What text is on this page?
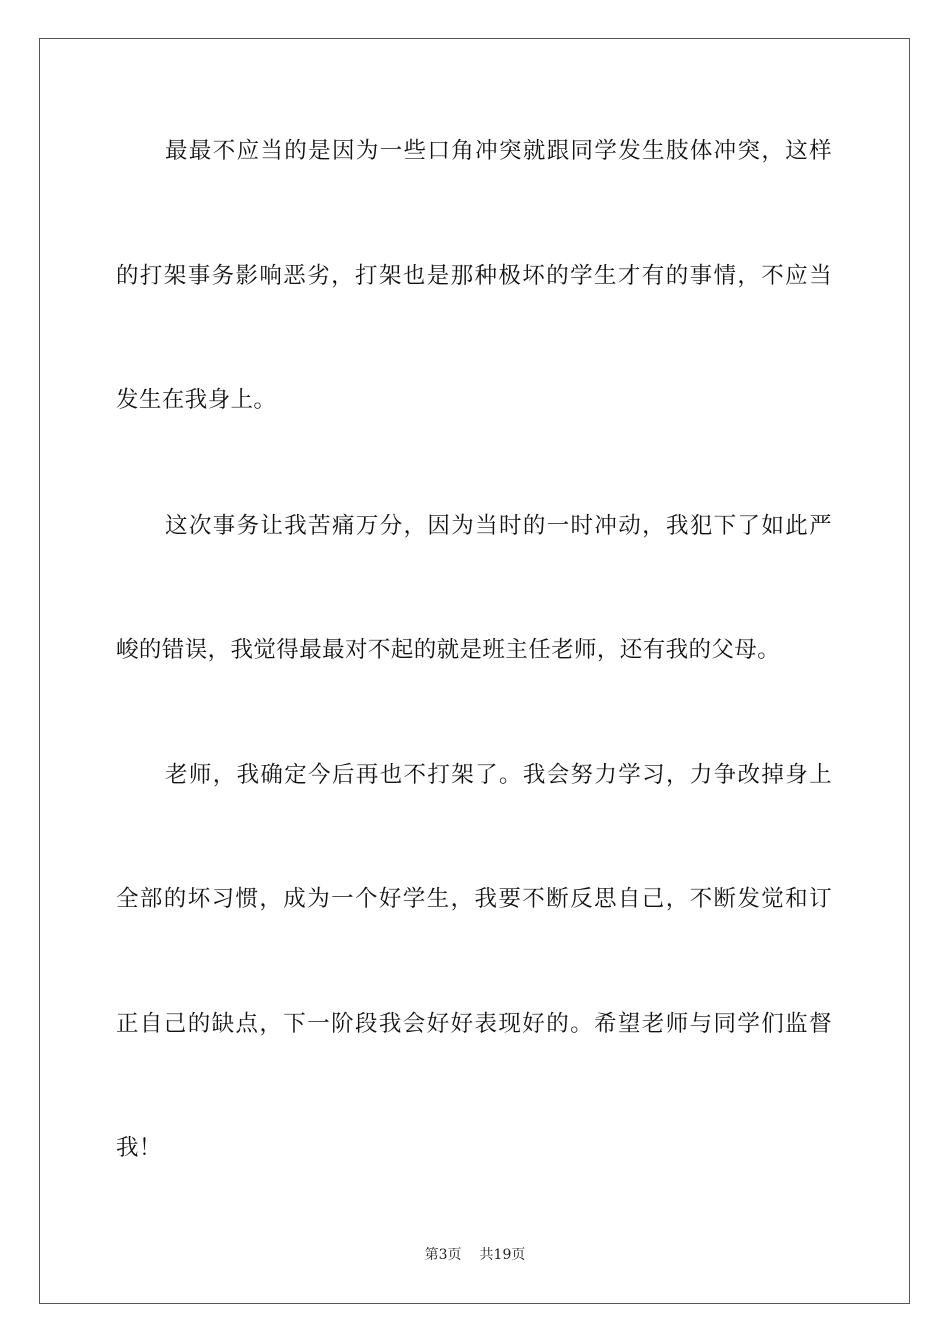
最最不应当的是因为一些口角冲突就跟同学发生肢体冲突，这样
的打架事务影响恶劣，打架也是那种极坏的学生才有的事情，不应当
发生在我身上。
这次事务让我苦痛万分，因为当时的一时冲动，我犯下了如此严
峻的错误，我觉得最最对不起的就是班主任老师，还有我的父母。
老师，我确定今后再也不打架了。我会努力学习，力争改掉身上
全部的坏习惯，成为一个好学生，我要不断反思自己，不断发觉和订
正自己的缺点，下一阶段我会好好表现好的。希望老师与同学们监督
我！
第3页 共19页
